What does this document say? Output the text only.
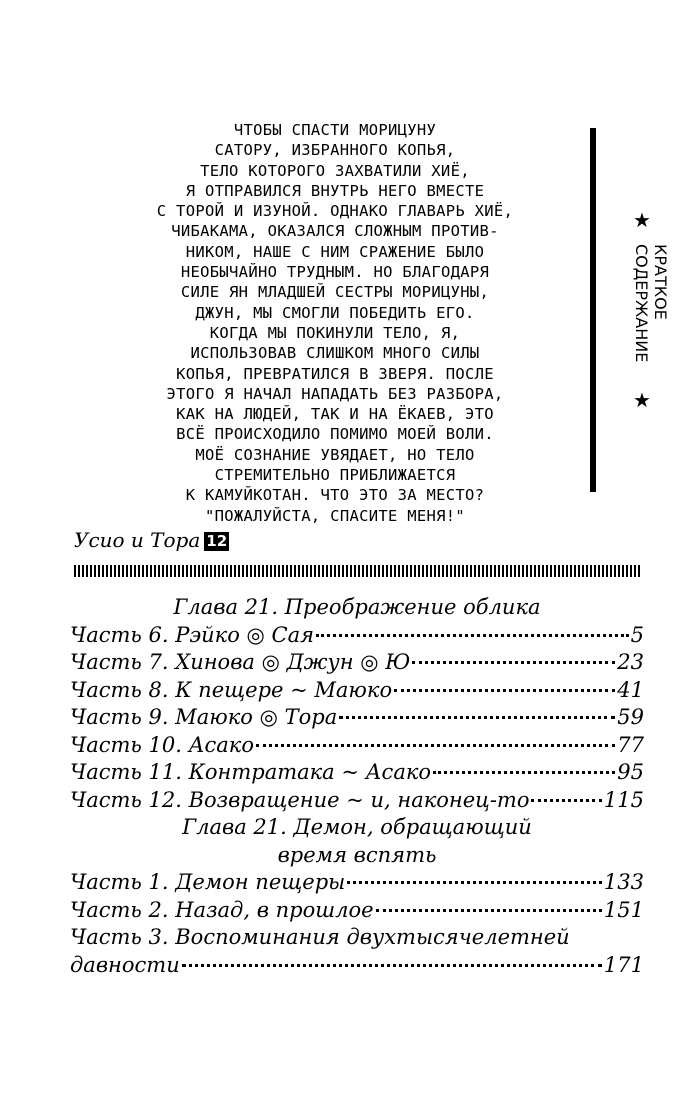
ЧТОБЫ СПАСТИ МОРИЦУНУ
САТОРУ, ИЗБРАННОГО КОПЬЯ,
ТЕЛО КОТОРОГО ЗАХВАТИЛИ ХИЁ,
Я ОТПРАВИЛСЯ ВНУТРЬ НЕГО ВМЕСТЕ
С ТОРОЙ И ИЗУНОЙ. ОДНАКО ГЛАВАРЬ ХИЁ,
ЧИБАКАМА, ОКАЗАЛСЯ СЛОЖНЫМ ПРОТИВ-
НИКОМ, НАШЕ С НИМ СРАЖЕНИЕ БЫЛО
НЕОБЫЧАЙНО ТРУДНЫМ. НО БЛАГОДАРЯ
СИЛЕ ЯН МЛАДШЕЙ СЕСТРЫ МОРИЦУНЫ,
ДЖУН, МЫ СМОГЛИ ПОБЕДИТЬ ЕГО.
КОГДА МЫ ПОКИНУЛИ ТЕЛО, Я,
ИСПОЛЬЗОВАВ СЛИШКОМ МНОГО СИЛЫ
КОПЬЯ, ПРЕВРАТИЛСЯ В ЗВЕРЯ. ПОСЛЕ
ЭТОГО Я НАЧАЛ НАПАДАТЬ БЕЗ РАЗБОРА,
КАК НА ЛЮДЕЙ, ТАК И НА ЁКАЕВ, ЭТО
ВСЁ ПРОИСХОДИЛО ПОМИМО МОЕЙ ВОЛИ.
МОЁ СОЗНАНИЕ УВЯДАЕТ, НО ТЕЛО
СТРЕМИТЕЛЬНО ПРИБЛИЖАЕТСЯ
К КАМУЙКОТАН. ЧТО ЭТО ЗА МЕСТО?
"ПОЖАЛУЙСТА, СПАСИТЕ МЕНЯ!"
★
КРАТКОЕ
СОДЕРЖАНИЕ
★
Усио и Тора 12
Глава 21. Преображение облика
Часть 6. Рэйко ◎ Сая	5
Часть 7. Хинова ◎ Джун ◎ Ю	23
Часть 8. К пещере ~ Маюко	41
Часть 9. Маюко ◎ Тора	59
Часть 10. Асако	77
Часть 11. Контратака ~ Асако	95
Часть 12. Возвращение ~ и, наконец-то	115
Глава 21. Демон, обращающий
время вспять
Часть 1. Демон пещеры	133
Часть 2. Назад, в прошлое	151
Часть 3. Воспоминания двухтысячелетней
давности	171
